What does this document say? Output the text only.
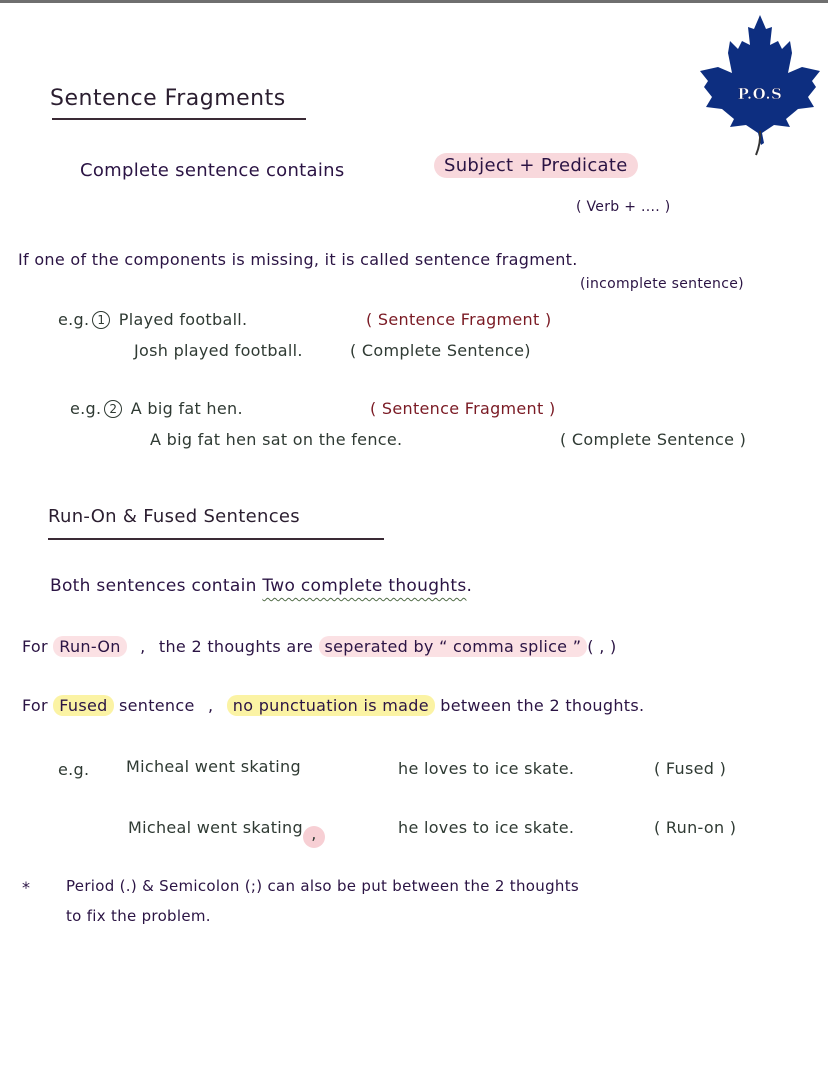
P.O.S
Sentence Fragments
Complete sentence contains	Subject + Predicate
( Verb + .... )
If one of the components is missing, it is called sentence fragment.
(incomplete sentence)
e.g. 1 Played football.	( Sentence Fragment )
Josh played football.	( Complete Sentence)
e.g. 2 A big fat hen.	( Sentence Fragment )
A big fat hen sat on the fence.	( Complete Sentence )
Run-On & Fused Sentences
Both sentences contain Two complete thoughts.
For Run-On , the 2 thoughts are seperated by “ comma splice ” ( , )
For Fused sentence , no punctuation is made between the 2 thoughts.
e.g. Micheal went skating	he loves to ice skate.	( Fused )
Micheal went skating ,	he loves to ice skate.	( Run-on )
* Period (.) & Semicolon (;) can also be put between the 2 thoughts
to fix the problem.
